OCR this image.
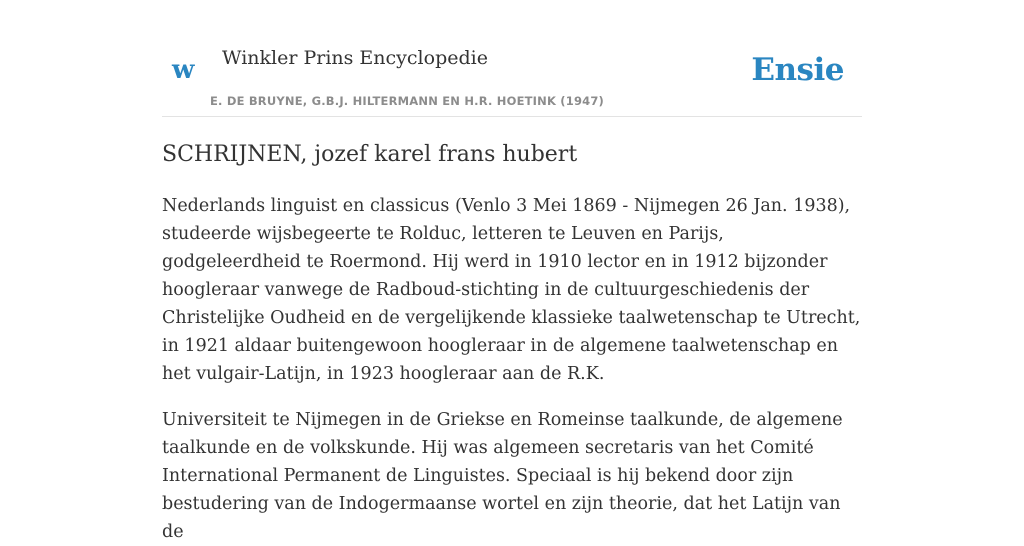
w Winkler Prins Encyclopedie
E. DE BRUYNE, G.B.J. HILTERMANN EN H.R. HOETINK (1947)
Ensie
SCHRIJNEN, jozef karel frans hubert

Nederlands linguist en classicus (Venlo 3 Mei 1869 - Nijmegen 26 Jan. 1938), studeerde wijsbegeerte te Rolduc, letteren te Leuven en Parijs, godgeleerdheid te Roermond. Hij werd in 1910 lector en in 1912 bijzonder hoogleraar vanwege de Radboud-stichting in de cultuurgeschiedenis der Christelijke Oudheid en de vergelijkende klassieke taalwetenschap te Utrecht, in 1921 aldaar buitengewoon hoogleraar in de algemene taalwetenschap en het vulgair-Latijn, in 1923 hoogleraar aan de R.K.

Universiteit te Nijmegen in de Griekse en Romeinse taalkunde, de algemene taalkunde en de volkskunde. Hij was algemeen secretaris van het Comité International Permanent de Linguistes. Speciaal is hij bekend door zijn bestudering van de Indogermaanse wortel en zijn theorie, dat het Latijn van de
